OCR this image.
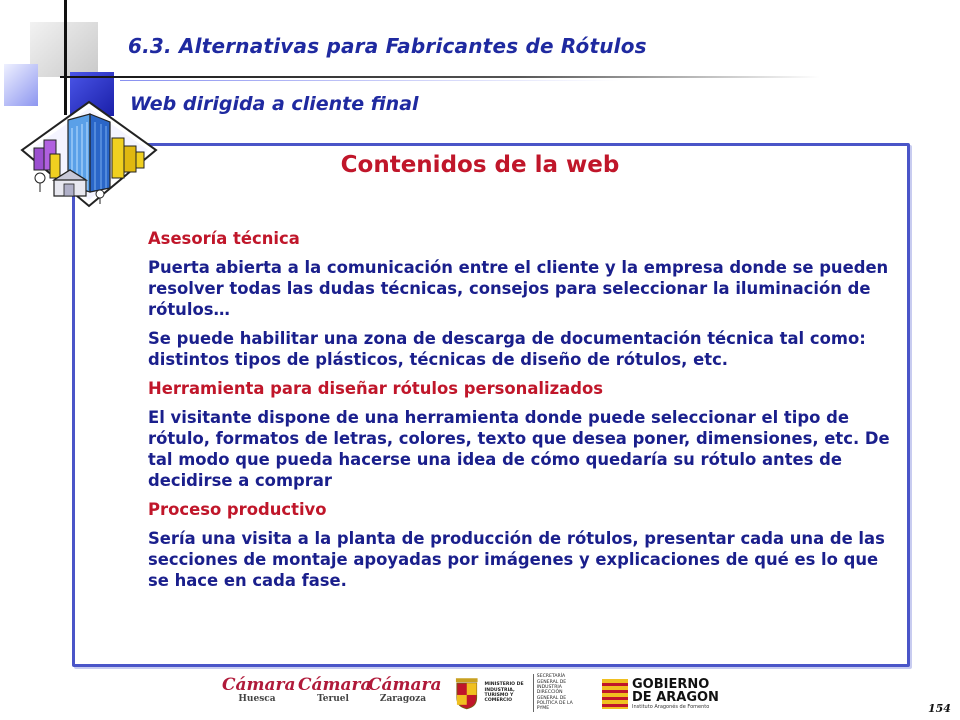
6.3. Alternativas para Fabricantes de Rótulos
Web dirigida a cliente final
Contenidos de la web
Asesoría técnica
Puerta abierta a la comunicación entre el cliente y la empresa donde se pueden resolver todas las dudas técnicas, consejos para seleccionar la iluminación de rótulos…
Se puede habilitar una zona de descarga de documentación técnica tal como: distintos tipos de plásticos, técnicas de diseño de rótulos, etc.
Herramienta para diseñar rótulos personalizados
El visitante dispone de una herramienta donde puede seleccionar el tipo de rótulo, formatos de letras, colores, texto que desea poner, dimensiones, etc. De tal modo que pueda hacerse una idea de cómo quedaría su rótulo antes de decidirse a comprar
Proceso productivo
Sería una visita a la planta de producción de rótulos, presentar cada una de las secciones de montaje apoyadas por imágenes y explicaciones de qué es lo que se hace en cada fase.
Cámara
Huesca
Cámara
Teruel
Cámara
Zaragoza
MINISTERIO DE INDUSTRIA, TURISMO Y COMERCIO
SECRETARÍA GENERAL DE INDUSTRIA DIRECCIÓN GENERAL DE POLÍTICA DE LA PYME
GOBIERNO
DE ARAGON
Instituto Aragonés de Fomento	154
